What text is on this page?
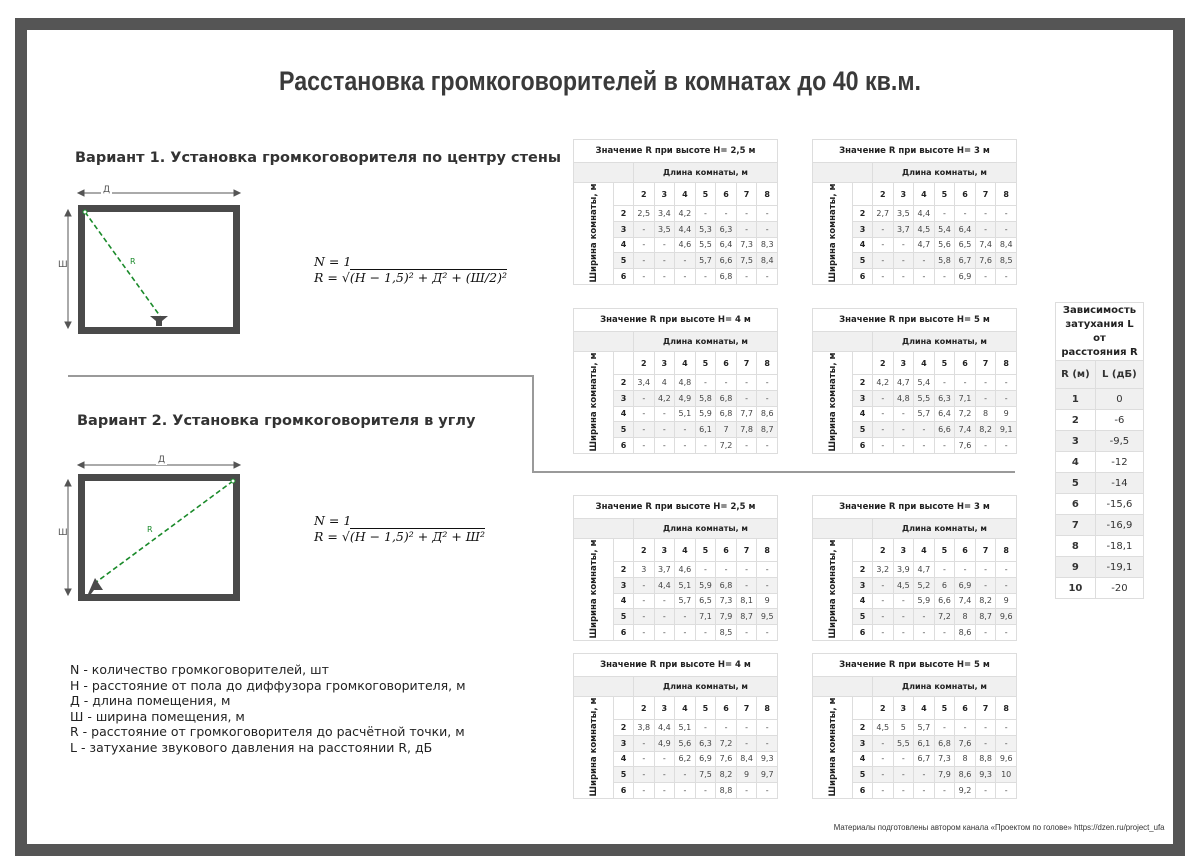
Расстановка громкоговорителей в комнатах до 40 кв.м.
Вариант 1. Установка громкоговорителя по центру стены
Д
Ш	R	N = 1
R = √(H − 1,5)² + Д² + (Ш/2)²
Вариант 2. Установка громкоговорителя в углу
Д
Ш	R
N = 1
R = √(H − 1,5)² + Д² + Ш²
N - количество громкоговорителей, шт
H - расстояние от пола до диффузора громкоговорителя, м
Д - длина помещения, м
Ш - ширина помещения, м
R - расстояние от громкоговорителя до расчётной точки, м
L - затухание звукового давления на расстоянии R, дБ
Значение R при высоте H= 2,5 м								
		Длина комнаты, м						

Ширина комнаты, м		2	3	4	5	6	7	8
	2	2,5	3,4	4,2	-	-	-	-
	3	-	3,5	4,4	5,3	6,3	-	-
	4	-	-	4,6	5,5	6,4	7,3	8,3
	5	-	-	-	5,7	6,6	7,5	8,4
	6	-	-	-	-	6,8	-	-
Значение R при высоте H= 3 м								
		Длина комнаты, м						

Ширина комнаты, м		2	3	4	5	6	7	8
	2	2,7	3,5	4,4	-	-	-	-
	3	-	3,7	4,5	5,4	6,4	-	-
	4	-	-	4,7	5,6	6,5	7,4	8,4
	5	-	-	-	5,8	6,7	7,6	8,5
	6	-	-	-	-	6,9	-	-
Значение R при высоте H= 4 м								
		Длина комнаты, м						

Ширина комнаты, м		2	3	4	5	6	7	8
	2	3,4	4	4,8	-	-	-	-
	3	-	4,2	4,9	5,8	6,8	-	-
	4	-	-	5,1	5,9	6,8	7,7	8,6
	5	-	-	-	6,1	7	7,8	8,7
	6	-	-	-	-	7,2	-	-
Значение R при высоте H= 5 м								
		Длина комнаты, м						

Ширина комнаты, м		2	3	4	5	6	7	8
	2	4,2	4,7	5,4	-	-	-	-
	3	-	4,8	5,5	6,3	7,1	-	-
	4	-	-	5,7	6,4	7,2	8	9
	5	-	-	-	6,6	7,4	8,2	9,1
	6	-	-	-	-	7,6	-	-
Значение R при высоте H= 2,5 м								
		Длина комнаты, м						

Ширина комнаты, м		2	3	4	5	6	7	8
	2	3	3,7	4,6	-	-	-	-
	3	-	4,4	5,1	5,9	6,8	-	-
	4	-	-	5,7	6,5	7,3	8,1	9
	5	-	-	-	7,1	7,9	8,7	9,5
	6	-	-	-	-	8,5	-	-
Значение R при высоте H= 3 м								
		Длина комнаты, м						

Ширина комнаты, м		2	3	4	5	6	7	8
	2	3,2	3,9	4,7	-	-	-	-
	3	-	4,5	5,2	6	6,9	-	-
	4	-	-	5,9	6,6	7,4	8,2	9
	5	-	-	-	7,2	8	8,7	9,6
	6	-	-	-	-	8,6	-	-
Значение R при высоте H= 4 м								
		Длина комнаты, м						

Ширина комнаты, м		2	3	4	5	6	7	8
	2	3,8	4,4	5,1	-	-	-	-
	3	-	4,9	5,6	6,3	7,2	-	-
	4	-	-	6,2	6,9	7,6	8,4	9,3
	5	-	-	-	7,5	8,2	9	9,7
	6	-	-	-	-	8,8	-	-
Значение R при высоте H= 5 м								
		Длина комнаты, м						

Ширина комнаты, м		2	3	4	5	6	7	8
	2	4,5	5	5,7	-	-	-	-
	3	-	5,5	6,1	6,8	7,6	-	-
	4	-	-	6,7	7,3	8	8,8	9,6
	5	-	-	-	7,9	8,6	9,3	10
	6	-	-	-	-	9,2	-	-
Зависимость затухания L от расстояния R	
R (м)	L (дБ)
1	0
2	-6
3	-9,5
4	-12
5	-14
6	-15,6
7	-16,9
8	-18,1
9	-19,1
10	-20
Материалы подготовлены автором канала «Проектом по голове» https://dzen.ru/project_ufa
